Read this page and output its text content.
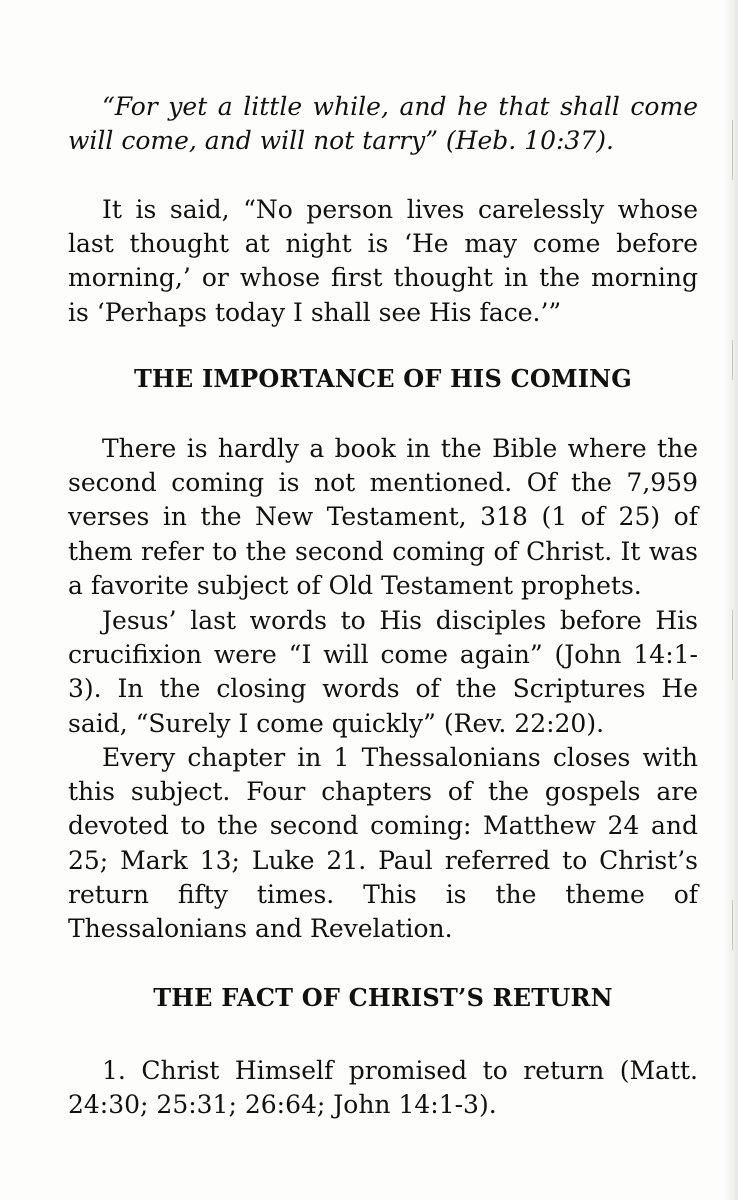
“For yet a little while, and he that shall come will come, and will not tarry” (Heb. 10:37).

It is said, “No person lives carelessly whose last thought at night is ‘He may come before morning,’ or whose first thought in the morning is ‘Perhaps today I shall see His face.’”

THE IMPORTANCE OF HIS COMING

There is hardly a book in the Bible where the second coming is not mentioned. Of the 7,959 verses in the New Testament, 318 (1 of 25) of them refer to the second coming of Christ. It was a favorite subject of Old Testament prophets.

Jesus’ last words to His disciples before His crucifixion were “I will come again” (John 14:1-3). In the closing words of the Scriptures He said, “Surely I come quickly” (Rev. 22:20).

Every chapter in 1 Thessalonians closes with this subject. Four chapters of the gospels are devoted to the second coming: Matthew 24 and 25; Mark 13; Luke 21. Paul referred to Christ’s return fifty times. This is the theme of Thessalonians and Revelation.

THE FACT OF CHRIST’S RETURN

1. Christ Himself promised to return (Matt. 24:30; 25:31; 26:64; John 14:1-3).
